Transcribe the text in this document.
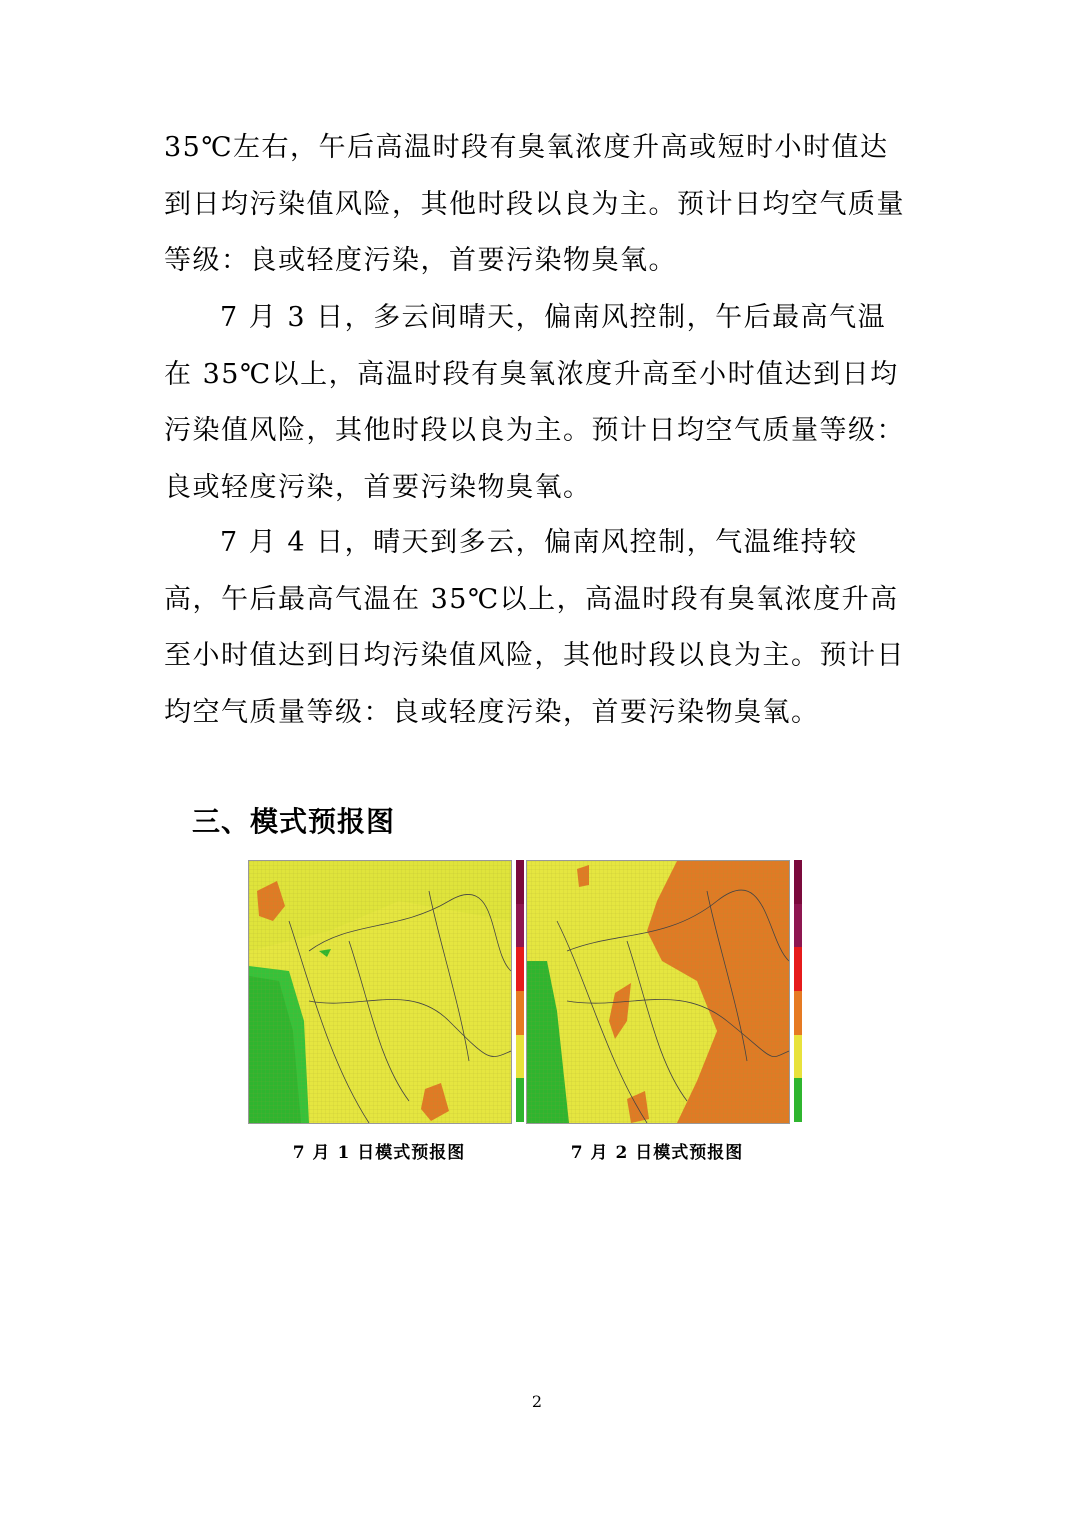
35℃左右，午后高温时段有臭氧浓度升高或短时小时值达到日均污染值风险，其他时段以良为主。预计日均空气质量等级：良或轻度污染，首要污染物臭氧。

7 月 3 日，多云间晴天，偏南风控制，午后最高气温在 35℃以上，高温时段有臭氧浓度升高至小时值达到日均污染值风险，其他时段以良为主。预计日均空气质量等级：良或轻度污染，首要污染物臭氧。

7 月 4 日，晴天到多云，偏南风控制，气温维持较高，午后最高气温在 35℃以上，高温时段有臭氧浓度升高至小时值达到日均污染值风险，其他时段以良为主。预计日均空气质量等级：良或轻度污染，首要污染物臭氧。

三、模式预报图
7 月 1 日模式预报图	7 月 2 日模式预报图
2
